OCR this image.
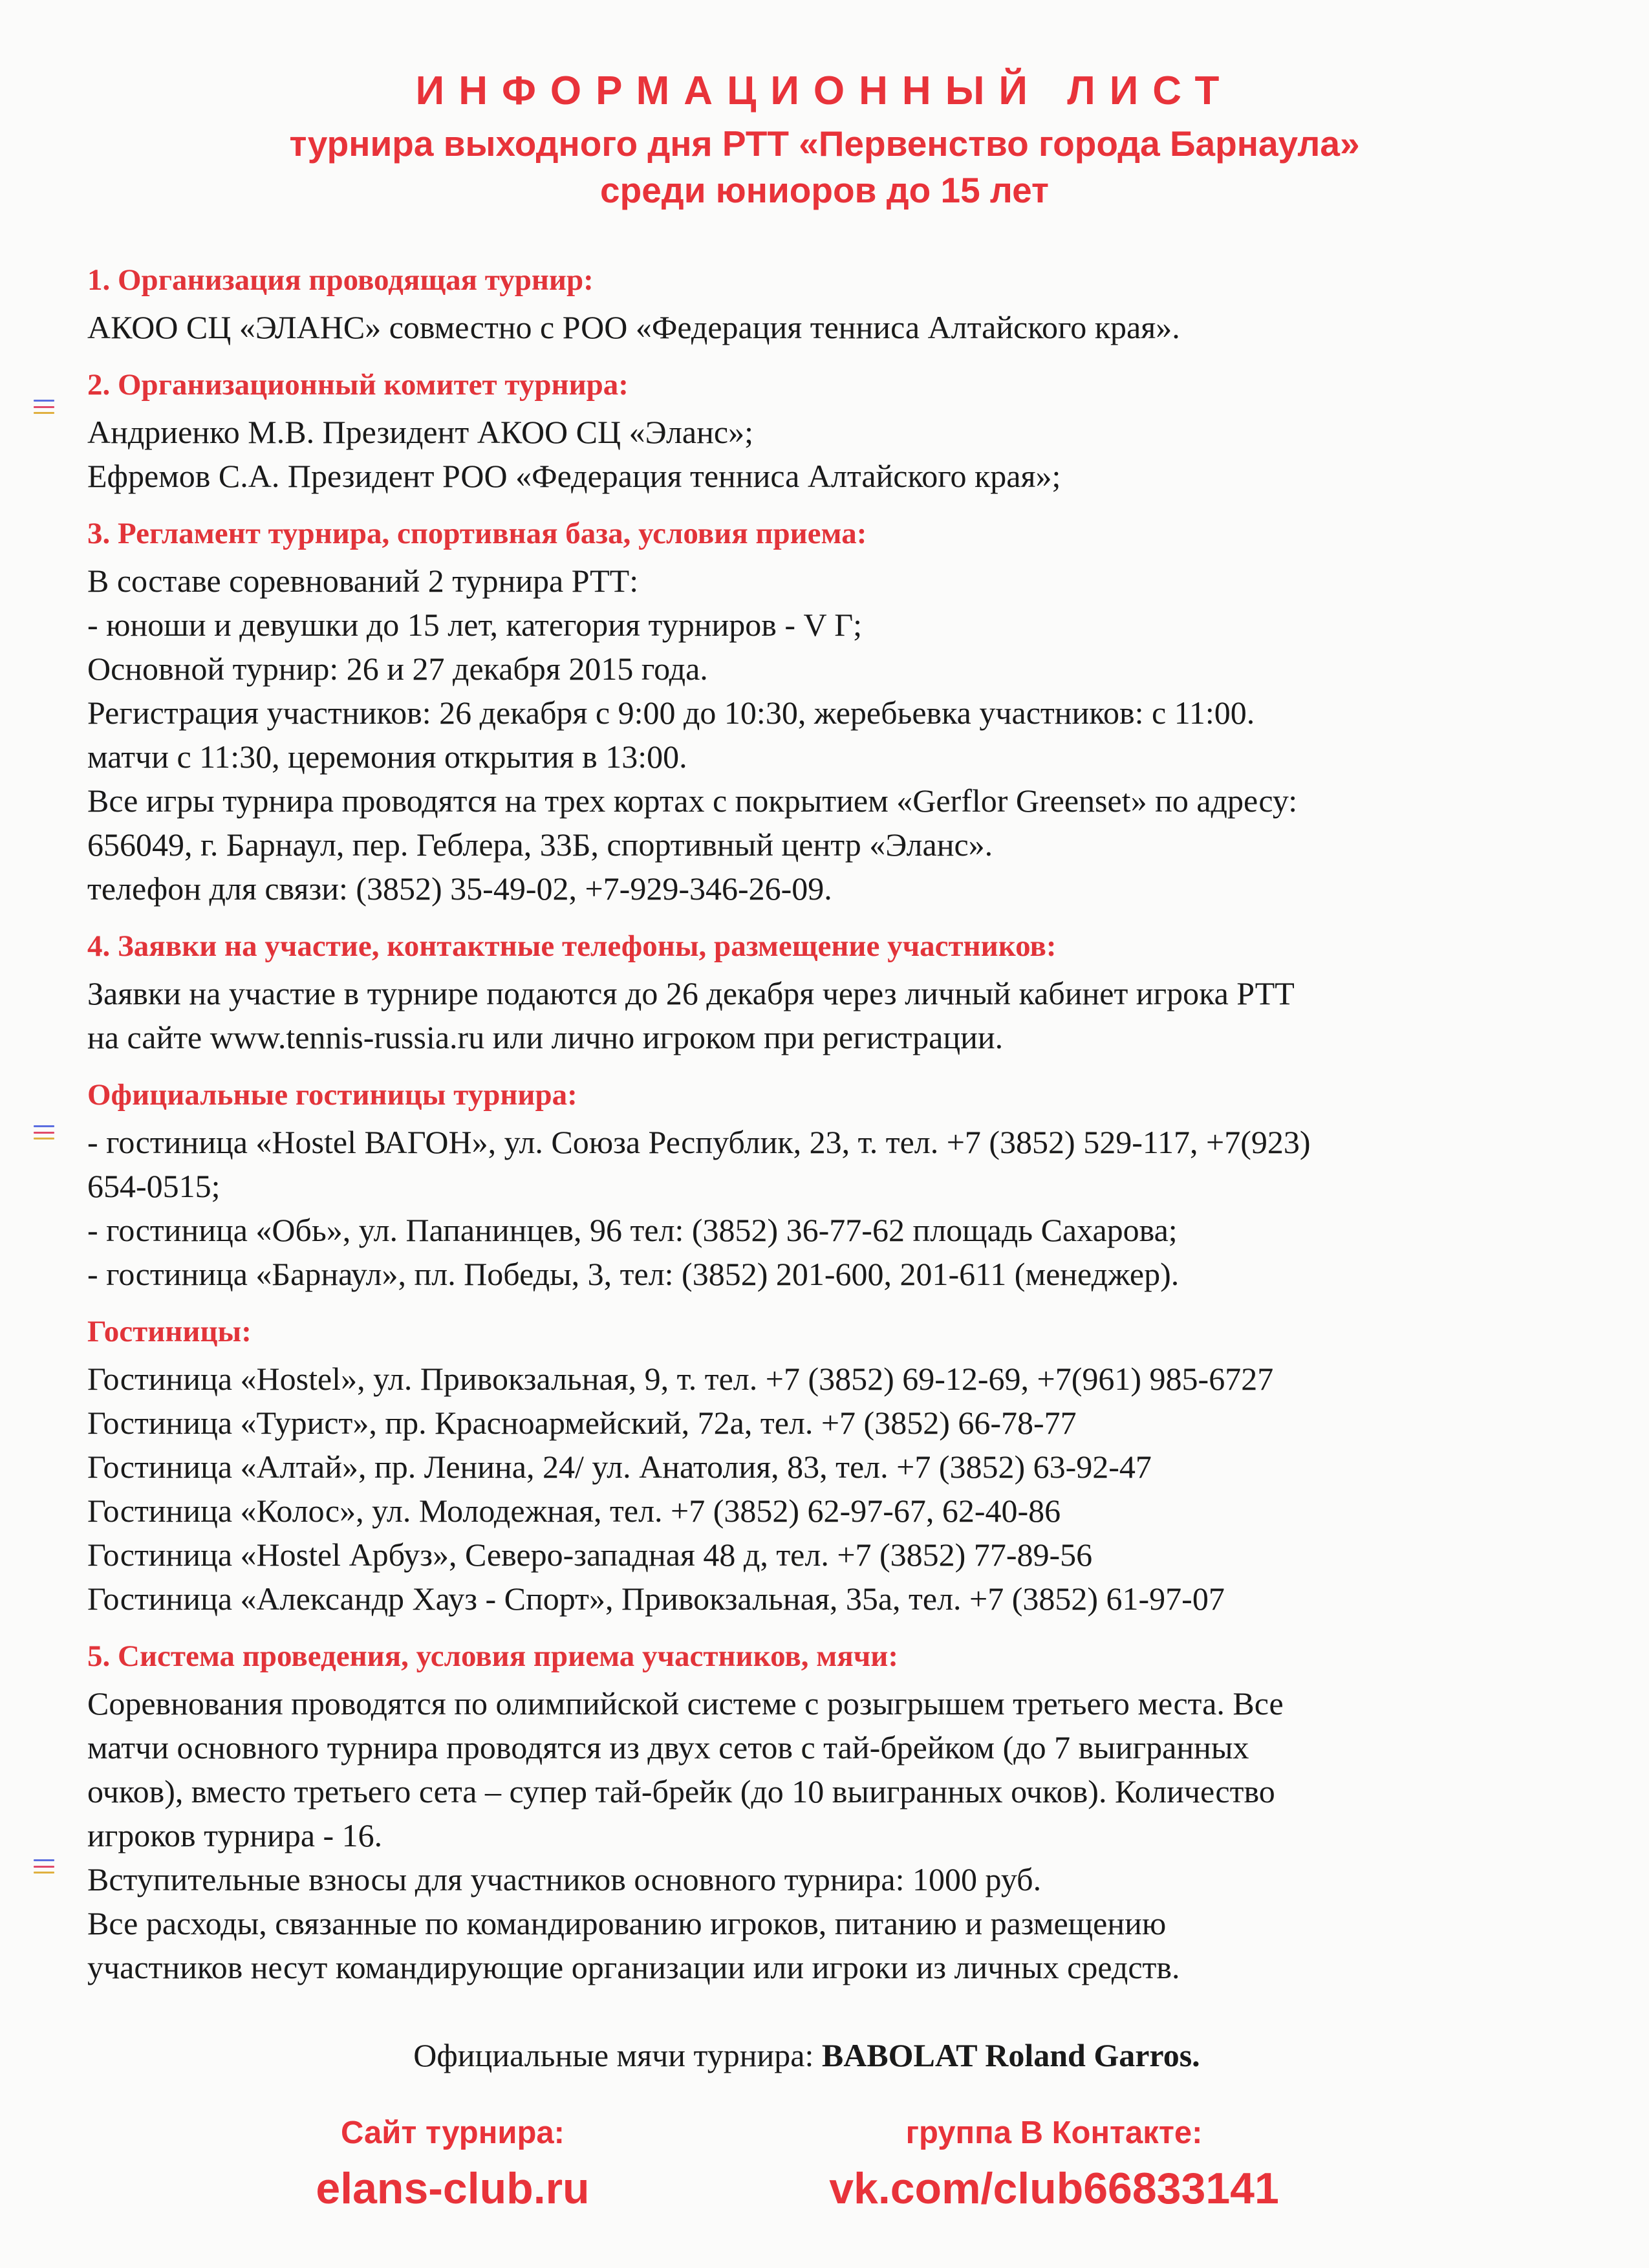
ИНФОРМАЦИОННЫЙ ЛИСТ
турнира выходного дня РТТ «Первенство города Барнаула»
среди юниоров до 15 лет
1. Организация проводящая турнир:
АКОО СЦ «ЭЛАНС» совместно с РОО «Федерация тенниса Алтайского края».
2. Организационный комитет турнира:
Андриенко М.В. Президент АКОО СЦ «Эланс»;
Ефремов С.А. Президент РОО «Федерация тенниса Алтайского края»;
3. Регламент турнира, спортивная база, условия приема:
В составе соревнований 2 турнира РТТ:
- юноши и девушки до 15 лет, категория турниров - V Г;
Основной турнир: 26 и 27 декабря 2015 года.
Регистрация участников: 26 декабря с 9:00 до 10:30, жеребьевка участников: с 11:00.
матчи с 11:30, церемония открытия в 13:00.
Все игры турнира проводятся на трех кортах с покрытием «Gerflor Greenset» по адресу:
656049, г. Барнаул, пер. Геблера, 33Б, спортивный центр «Эланс».
телефон для связи: (3852) 35-49-02, +7-929-346-26-09.
4. Заявки на участие, контактные телефоны, размещение участников:
Заявки на участие в турнире подаются до 26 декабря через личный кабинет игрока РТТ
на сайте www.tennis-russia.ru или лично игроком при регистрации.
Официальные гостиницы турнира:
- гостиница «Hostel ВАГОН», ул. Союза Республик, 23, т. тел. +7 (3852) 529-117, +7(923)
654-0515;
- гостиница «Обь», ул. Папанинцев, 96 тел: (3852) 36-77-62 площадь Сахарова;
- гостиница «Барнаул», пл. Победы, 3, тел: (3852) 201-600, 201-611 (менеджер).
Гостиницы:
Гостиница «Hostel», ул. Привокзальная, 9, т. тел. +7 (3852) 69-12-69, +7(961) 985-6727
Гостиница «Турист», пр. Красноармейский, 72а, тел. +7 (3852) 66-78-77
Гостиница «Алтай», пр. Ленина, 24/ ул. Анатолия, 83, тел. +7 (3852) 63-92-47
Гостиница «Колос», ул. Молодежная, тел. +7 (3852) 62-97-67, 62-40-86
Гостиница «Hostel Арбуз», Северо-западная 48 д, тел. +7 (3852) 77-89-56
Гостиница «Александр Хауз - Спорт», Привокзальная, 35а, тел. +7 (3852) 61-97-07
5. Система проведения, условия приема участников, мячи:
Соревнования проводятся по олимпийской системе с розыгрышем третьего места. Все
матчи основного турнира проводятся из двух сетов с тай-брейком (до 7 выигранных
очков), вместо третьего сета – супер тай-брейк (до 10 выигранных очков). Количество
игроков турнира - 16.
Вступительные взносы для участников основного турнира: 1000 руб.
Все расходы, связанные по командированию игроков, питанию и размещению
участников несут командирующие организации или игроки из личных средств.

Официальные мячи турнира: BABOLAT Roland Garros.

Сайт турнира:
elans-club.ru
группа В Контакте:
vk.com/club66833141
